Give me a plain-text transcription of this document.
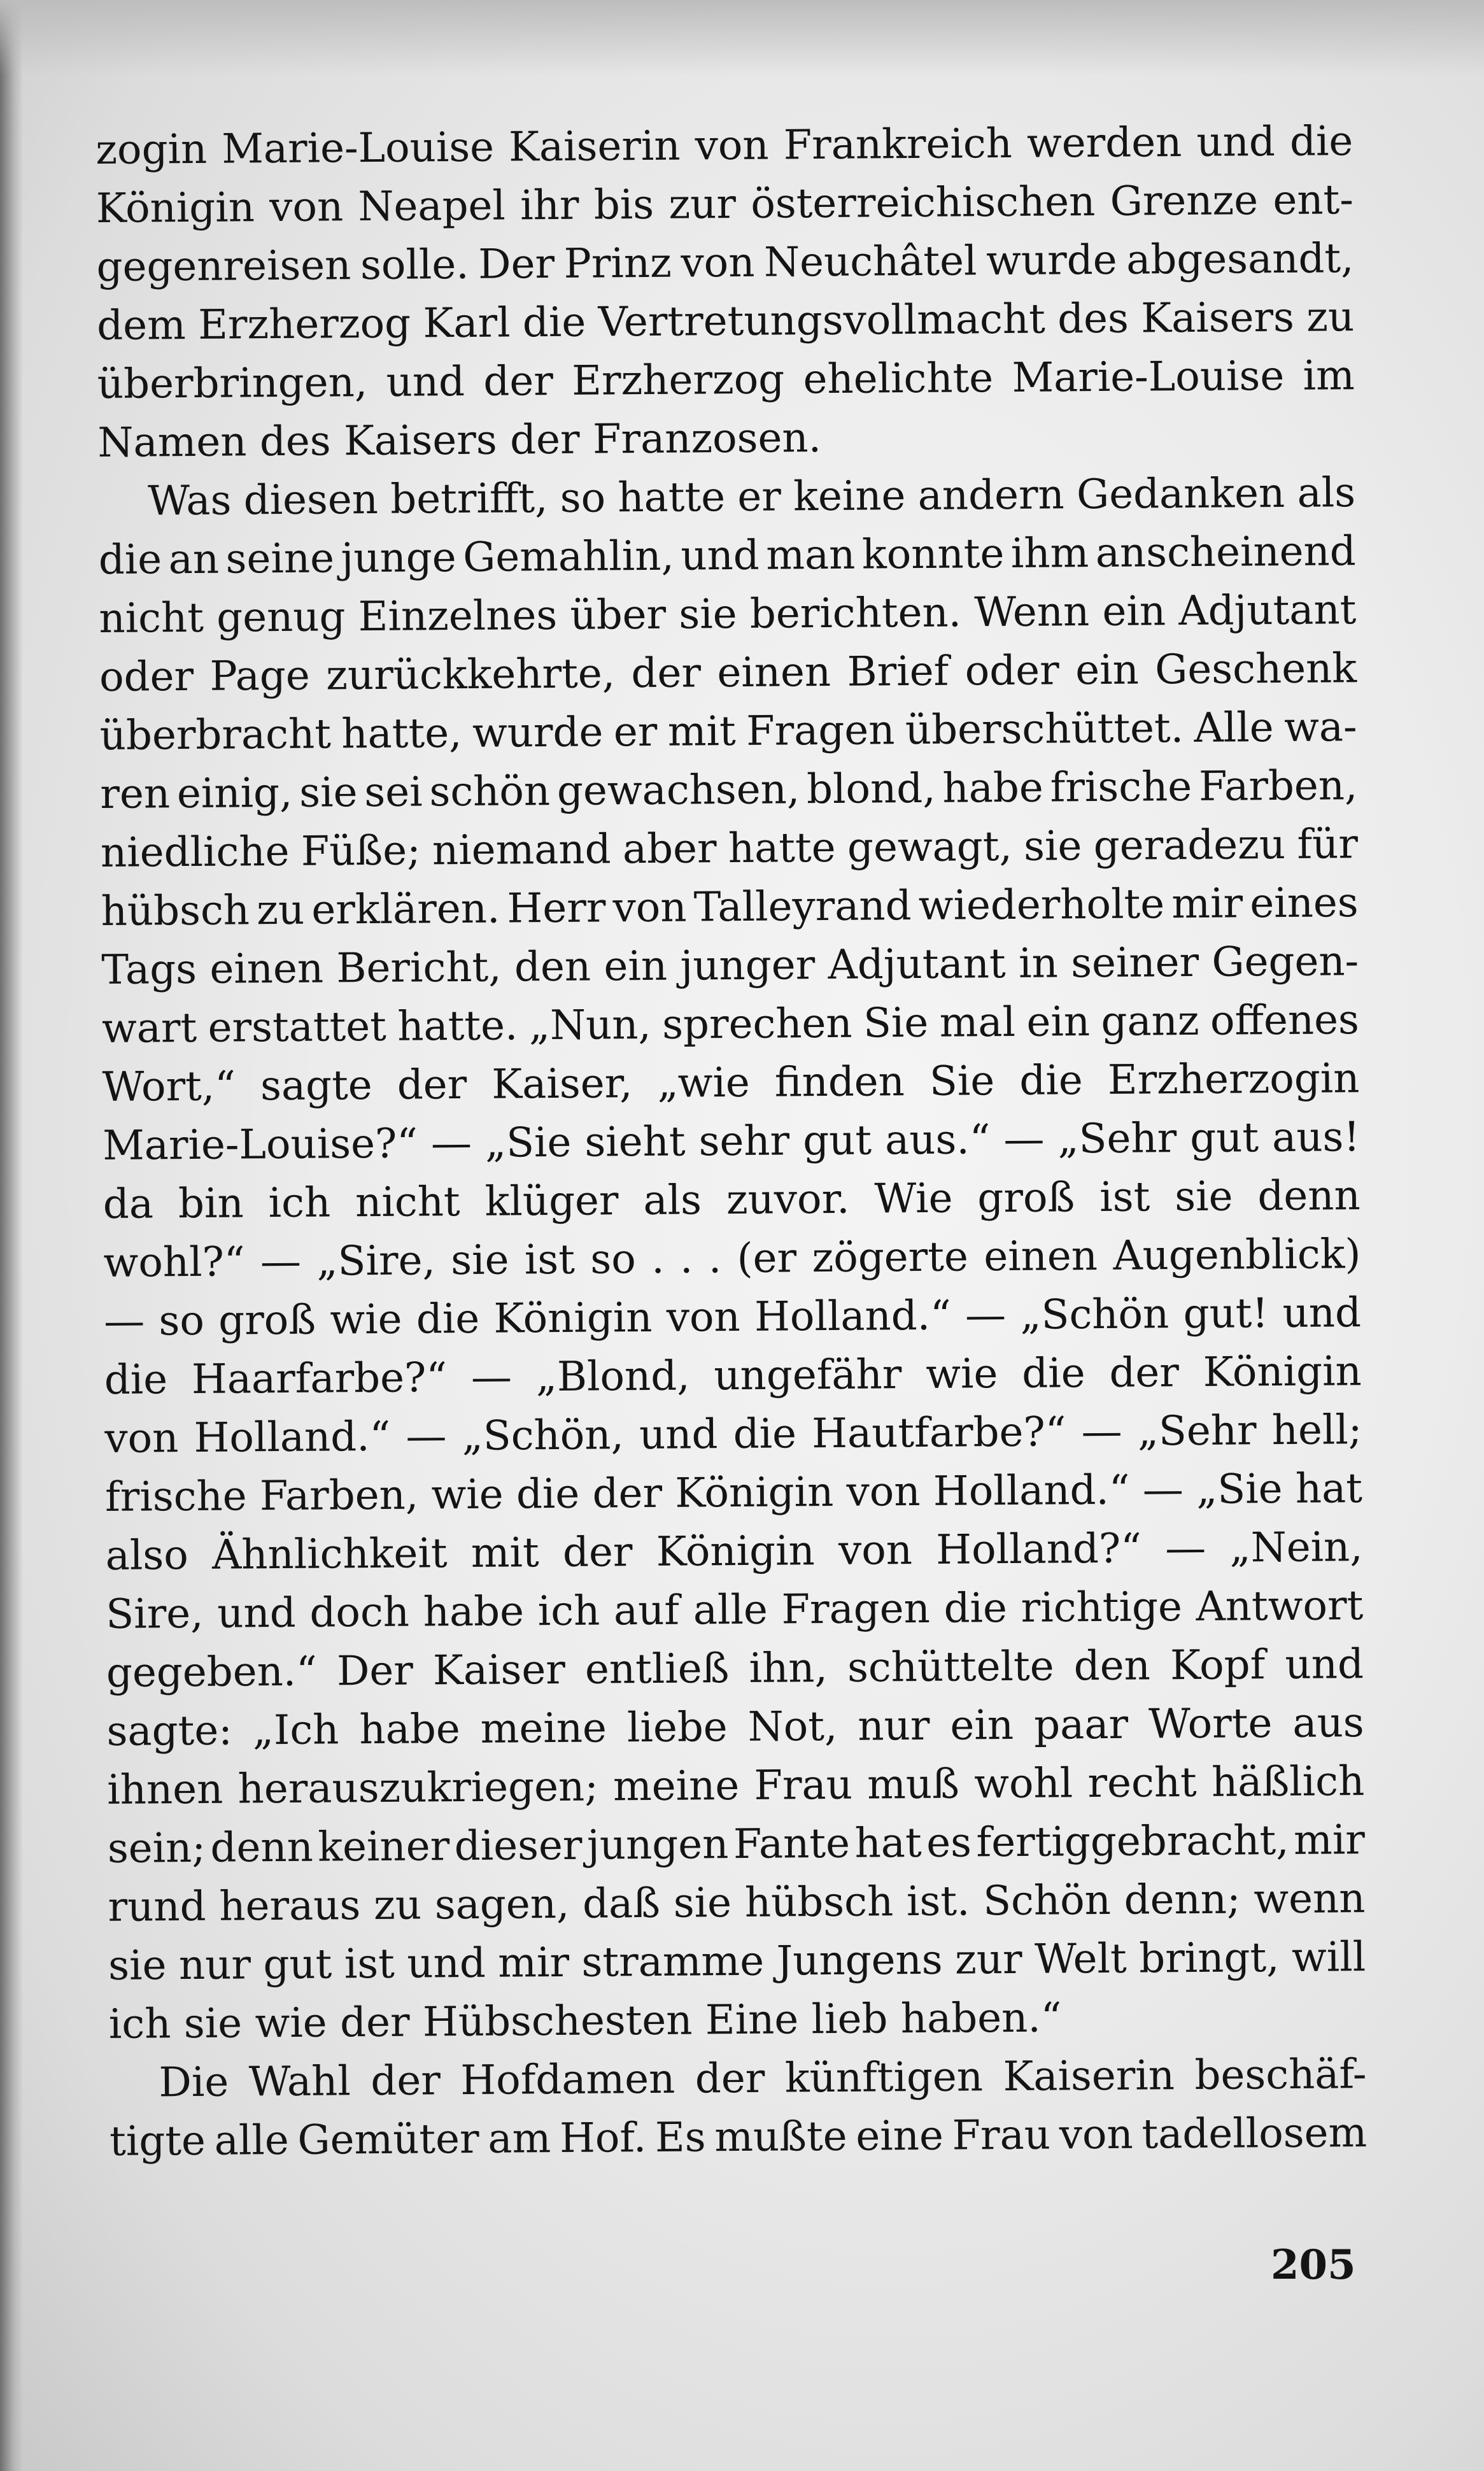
zogin Marie-Louise Kaiserin von Frankreich werden und die
Königin von Neapel ihr bis zur österreichischen Grenze ent-
gegenreisen solle. Der Prinz von Neuchâtel wurde abgesandt,
dem Erzherzog Karl die Vertretungsvollmacht des Kaisers zu
überbringen, und der Erzherzog ehelichte Marie-Louise im
Namen des Kaisers der Franzosen.
Was diesen betrifft, so hatte er keine andern Gedanken als
die an seine junge Gemahlin, und man konnte ihm anscheinend
nicht genug Einzelnes über sie berichten. Wenn ein Adjutant
oder Page zurückkehrte, der einen Brief oder ein Geschenk
überbracht hatte, wurde er mit Fragen überschüttet. Alle wa-
ren einig, sie sei schön gewachsen, blond, habe frische Farben,
niedliche Füße; niemand aber hatte gewagt, sie geradezu für
hübsch zu erklären. Herr von Talleyrand wiederholte mir eines
Tags einen Bericht, den ein junger Adjutant in seiner Gegen-
wart erstattet hatte. „Nun, sprechen Sie mal ein ganz offenes
Wort,“ sagte der Kaiser, „wie finden Sie die Erzherzogin
Marie-Louise?“ — „Sie sieht sehr gut aus.“ — „Sehr gut aus!
da bin ich nicht klüger als zuvor. Wie groß ist sie denn
wohl?“ — „Sire, sie ist so . . . (er zögerte einen Augenblick)
— so groß wie die Königin von Holland.“ — „Schön gut! und
die Haarfarbe?“ — „Blond, ungefähr wie die der Königin
von Holland.“ — „Schön, und die Hautfarbe?“ — „Sehr hell;
frische Farben, wie die der Königin von Holland.“ — „Sie hat
also Ähnlichkeit mit der Königin von Holland?“ — „Nein,
Sire, und doch habe ich auf alle Fragen die richtige Antwort
gegeben.“ Der Kaiser entließ ihn, schüttelte den Kopf und
sagte: „Ich habe meine liebe Not, nur ein paar Worte aus
ihnen herauszukriegen; meine Frau muß wohl recht häßlich
sein; denn keiner dieser jungen Fante hat es fertiggebracht, mir
rund heraus zu sagen, daß sie hübsch ist. Schön denn; wenn
sie nur gut ist und mir stramme Jungens zur Welt bringt, will
ich sie wie der Hübschesten Eine lieb haben.“
Die Wahl der Hofdamen der künftigen Kaiserin beschäf-
tigte alle Gemüter am Hof. Es mußte eine Frau von tadellosem
205
